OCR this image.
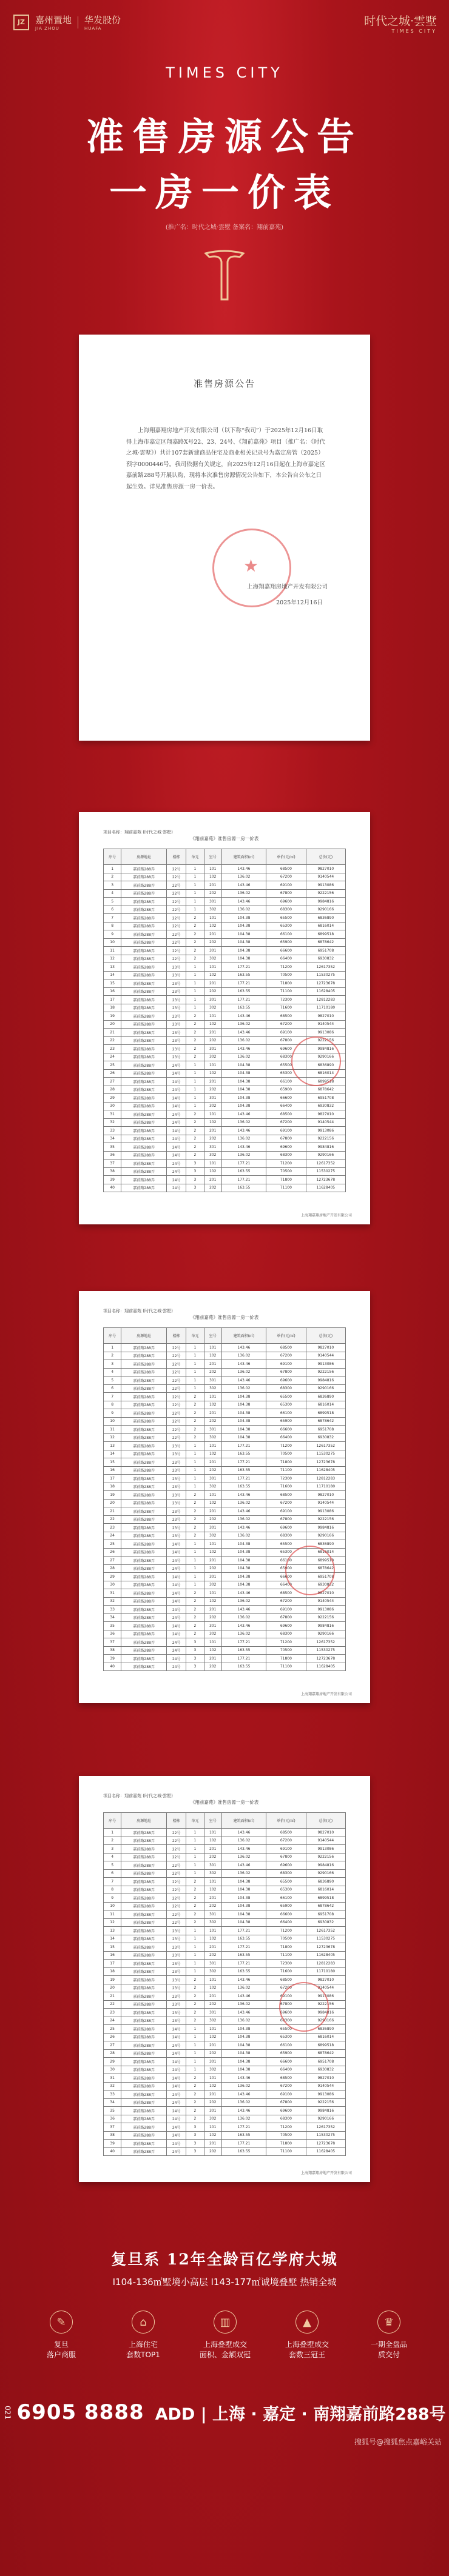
JZ	嘉州置地
JIA ZHOU
华发股份
HUAFA
时代之城·雲墅
TIMES CITY
TIMES CITY
准售房源公告
一房一价表
(推广名：时代之城·雲墅 备案名：翔前嘉苑)
准售房源公告
上海翔嘉翔房地产开发有限公司（以下称“我司”）于2025年12月16日取得上海市嘉定区翔嘉路X号22、23、24号、《翔前嘉苑》项目（推广名：《时代之城·雲墅》）共计107套新建商品住宅及商业相关记录号为嘉定房管（2025）预字0000446号。我司依据有关规定，自2025年12月16日起在上海市嘉定区嘉前路288号开展认购，现将本次准售房源情况公告如下，本公告自公布之日起生效。详见准售房源一房一价表。
★
上海翔嘉翔房地产开发有限公司
2025年12月16日
《翔前嘉苑》准售房源一房一价表
项目名称：翔前嘉苑 (时代之城·雲墅)
序号	房源地址	楼栋	单元	室号	建筑面积(㎡)	单价(元/㎡)	总价(元)
1	嘉前路288弄	22号	1	101	143.46	68500	9827010
2	嘉前路288弄	22号	1	102	136.02	67200	9140544
3	嘉前路288弄	22号	1	201	143.46	69100	9913086
4	嘉前路288弄	22号	1	202	136.02	67800	9222156
5	嘉前路288弄	22号	1	301	143.46	69600	9984816
6	嘉前路288弄	22号	1	302	136.02	68300	9290166
7	嘉前路288弄	22号	2	101	104.38	65500	6836890
8	嘉前路288弄	22号	2	102	104.38	65300	6816014
9	嘉前路288弄	22号	2	201	104.38	66100	6899518
10	嘉前路288弄	22号	2	202	104.38	65900	6878642
11	嘉前路288弄	22号	2	301	104.38	66600	6951708
12	嘉前路288弄	22号	2	302	104.38	66400	6930832
13	嘉前路288弄	23号	1	101	177.21	71200	12617352
14	嘉前路288弄	23号	1	102	163.55	70500	11530275
15	嘉前路288弄	23号	1	201	177.21	71800	12723678
16	嘉前路288弄	23号	1	202	163.55	71100	11628405
17	嘉前路288弄	23号	1	301	177.21	72300	12812283
18	嘉前路288弄	23号	1	302	163.55	71600	11710180
19	嘉前路288弄	23号	2	101	143.46	68500	9827010
20	嘉前路288弄	23号	2	102	136.02	67200	9140544
21	嘉前路288弄	23号	2	201	143.46	69100	9913086
22	嘉前路288弄	23号	2	202	136.02	67800	9222156
23	嘉前路288弄	23号	2	301	143.46	69600	9984816
24	嘉前路288弄	23号	2	302	136.02	68300	9290166
25	嘉前路288弄	24号	1	101	104.38	65500	6836890
26	嘉前路288弄	24号	1	102	104.38	65300	6816014
27	嘉前路288弄	24号	1	201	104.38	66100	6899518
28	嘉前路288弄	24号	1	202	104.38	65900	6878642
29	嘉前路288弄	24号	1	301	104.38	66600	6951708
30	嘉前路288弄	24号	1	302	104.38	66400	6930832
31	嘉前路288弄	24号	2	101	143.46	68500	9827010
32	嘉前路288弄	24号	2	102	136.02	67200	9140544
33	嘉前路288弄	24号	2	201	143.46	69100	9913086
34	嘉前路288弄	24号	2	202	136.02	67800	9222156
35	嘉前路288弄	24号	2	301	143.46	69600	9984816
36	嘉前路288弄	24号	2	302	136.02	68300	9290166
37	嘉前路288弄	24号	3	101	177.21	71200	12617352
38	嘉前路288弄	24号	3	102	163.55	70500	11530275
39	嘉前路288弄	24号	3	201	177.21	71800	12723678
40	嘉前路288弄	24号	3	202	163.55	71100	11628405
上海翔嘉翔房地产开发有限公司
《翔前嘉苑》准售房源一房一价表
项目名称：翔前嘉苑 (时代之城·雲墅)
序号	房源地址	楼栋	单元	室号	建筑面积(㎡)	单价(元/㎡)	总价(元)
1	嘉前路288弄	22号	1	101	143.46	68500	9827010
2	嘉前路288弄	22号	1	102	136.02	67200	9140544
3	嘉前路288弄	22号	1	201	143.46	69100	9913086
4	嘉前路288弄	22号	1	202	136.02	67800	9222156
5	嘉前路288弄	22号	1	301	143.46	69600	9984816
6	嘉前路288弄	22号	1	302	136.02	68300	9290166
7	嘉前路288弄	22号	2	101	104.38	65500	6836890
8	嘉前路288弄	22号	2	102	104.38	65300	6816014
9	嘉前路288弄	22号	2	201	104.38	66100	6899518
10	嘉前路288弄	22号	2	202	104.38	65900	6878642
11	嘉前路288弄	22号	2	301	104.38	66600	6951708
12	嘉前路288弄	22号	2	302	104.38	66400	6930832
13	嘉前路288弄	23号	1	101	177.21	71200	12617352
14	嘉前路288弄	23号	1	102	163.55	70500	11530275
15	嘉前路288弄	23号	1	201	177.21	71800	12723678
16	嘉前路288弄	23号	1	202	163.55	71100	11628405
17	嘉前路288弄	23号	1	301	177.21	72300	12812283
18	嘉前路288弄	23号	1	302	163.55	71600	11710180
19	嘉前路288弄	23号	2	101	143.46	68500	9827010
20	嘉前路288弄	23号	2	102	136.02	67200	9140544
21	嘉前路288弄	23号	2	201	143.46	69100	9913086
22	嘉前路288弄	23号	2	202	136.02	67800	9222156
23	嘉前路288弄	23号	2	301	143.46	69600	9984816
24	嘉前路288弄	23号	2	302	136.02	68300	9290166
25	嘉前路288弄	24号	1	101	104.38	65500	6836890
26	嘉前路288弄	24号	1	102	104.38	65300	6816014
27	嘉前路288弄	24号	1	201	104.38	66100	6899518
28	嘉前路288弄	24号	1	202	104.38	65900	6878642
29	嘉前路288弄	24号	1	301	104.38	66600	6951708
30	嘉前路288弄	24号	1	302	104.38	66400	6930832
31	嘉前路288弄	24号	2	101	143.46	68500	9827010
32	嘉前路288弄	24号	2	102	136.02	67200	9140544
33	嘉前路288弄	24号	2	201	143.46	69100	9913086
34	嘉前路288弄	24号	2	202	136.02	67800	9222156
35	嘉前路288弄	24号	2	301	143.46	69600	9984816
36	嘉前路288弄	24号	2	302	136.02	68300	9290166
37	嘉前路288弄	24号	3	101	177.21	71200	12617352
38	嘉前路288弄	24号	3	102	163.55	70500	11530275
39	嘉前路288弄	24号	3	201	177.21	71800	12723678
40	嘉前路288弄	24号	3	202	163.55	71100	11628405
上海翔嘉翔房地产开发有限公司
《翔前嘉苑》准售房源一房一价表
项目名称：翔前嘉苑 (时代之城·雲墅)
序号	房源地址	楼栋	单元	室号	建筑面积(㎡)	单价(元/㎡)	总价(元)
1	嘉前路288弄	22号	1	101	143.46	68500	9827010
2	嘉前路288弄	22号	1	102	136.02	67200	9140544
3	嘉前路288弄	22号	1	201	143.46	69100	9913086
4	嘉前路288弄	22号	1	202	136.02	67800	9222156
5	嘉前路288弄	22号	1	301	143.46	69600	9984816
6	嘉前路288弄	22号	1	302	136.02	68300	9290166
7	嘉前路288弄	22号	2	101	104.38	65500	6836890
8	嘉前路288弄	22号	2	102	104.38	65300	6816014
9	嘉前路288弄	22号	2	201	104.38	66100	6899518
10	嘉前路288弄	22号	2	202	104.38	65900	6878642
11	嘉前路288弄	22号	2	301	104.38	66600	6951708
12	嘉前路288弄	22号	2	302	104.38	66400	6930832
13	嘉前路288弄	23号	1	101	177.21	71200	12617352
14	嘉前路288弄	23号	1	102	163.55	70500	11530275
15	嘉前路288弄	23号	1	201	177.21	71800	12723678
16	嘉前路288弄	23号	1	202	163.55	71100	11628405
17	嘉前路288弄	23号	1	301	177.21	72300	12812283
18	嘉前路288弄	23号	1	302	163.55	71600	11710180
19	嘉前路288弄	23号	2	101	143.46	68500	9827010
20	嘉前路288弄	23号	2	102	136.02	67200	9140544
21	嘉前路288弄	23号	2	201	143.46	69100	9913086
22	嘉前路288弄	23号	2	202	136.02	67800	9222156
23	嘉前路288弄	23号	2	301	143.46	69600	9984816
24	嘉前路288弄	23号	2	302	136.02	68300	9290166
25	嘉前路288弄	24号	1	101	104.38	65500	6836890
26	嘉前路288弄	24号	1	102	104.38	65300	6816014
27	嘉前路288弄	24号	1	201	104.38	66100	6899518
28	嘉前路288弄	24号	1	202	104.38	65900	6878642
29	嘉前路288弄	24号	1	301	104.38	66600	6951708
30	嘉前路288弄	24号	1	302	104.38	66400	6930832
31	嘉前路288弄	24号	2	101	143.46	68500	9827010
32	嘉前路288弄	24号	2	102	136.02	67200	9140544
33	嘉前路288弄	24号	2	201	143.46	69100	9913086
34	嘉前路288弄	24号	2	202	136.02	67800	9222156
35	嘉前路288弄	24号	2	301	143.46	69600	9984816
36	嘉前路288弄	24号	2	302	136.02	68300	9290166
37	嘉前路288弄	24号	3	101	177.21	71200	12617352
38	嘉前路288弄	24号	3	102	163.55	70500	11530275
39	嘉前路288弄	24号	3	201	177.21	71800	12723678
40	嘉前路288弄	24号	3	202	163.55	71100	11628405
上海翔嘉翔房地产开发有限公司
复旦系 12年全龄百亿学府大城
Ι104-136㎡墅境小高层 Ι143-177㎡诚境叠墅 热销全城
✎
复旦
落户商服
⌂
上海住宅
套数TOP1
▥
上海叠墅成交
面积、金额双冠
▲
上海叠墅成交
套数三冠王
♛
一期全盘品
质交付
021 6905 8888 ADD | 上海 · 嘉定 · 南翔嘉前路288号
搜狐号@搜狐焦点嘉峪关站
